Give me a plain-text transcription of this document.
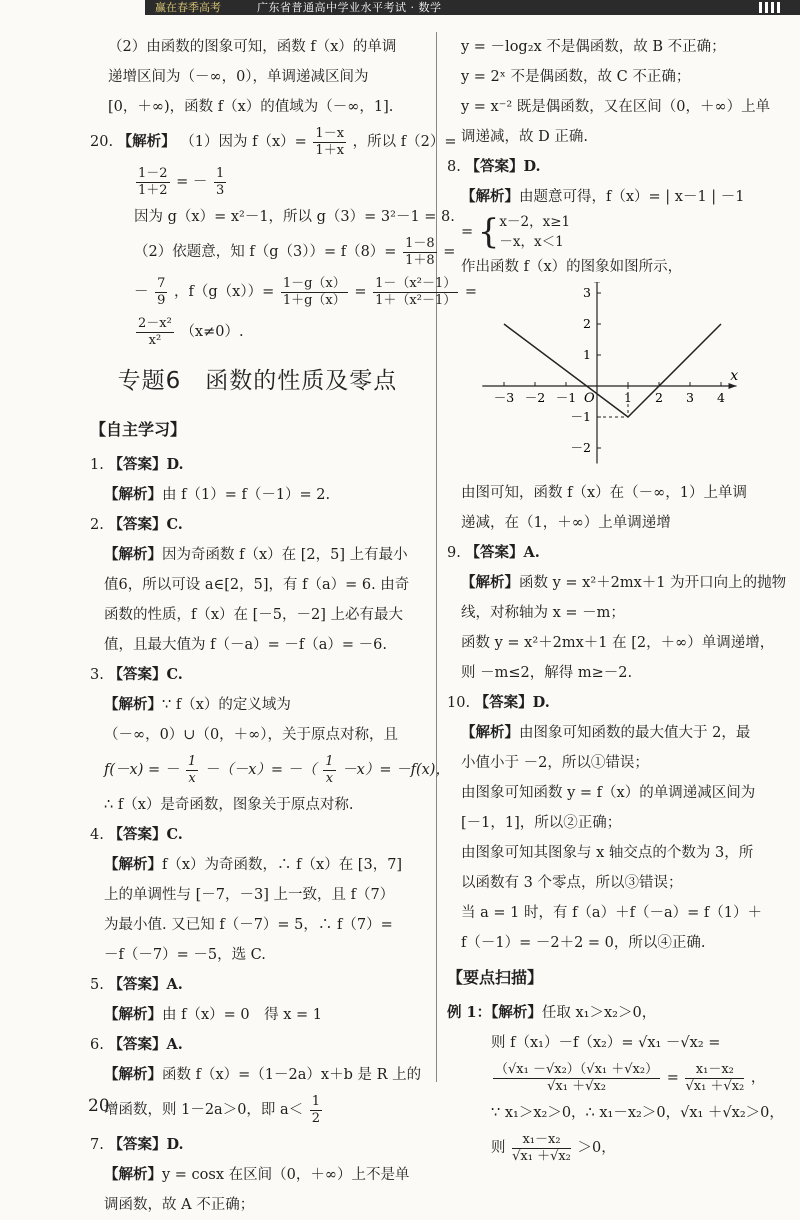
赢在春季高考	广东省普通高中学业水平考试 · 数学
（2）由函数的图象可知，函数 f（x）的单调
递增区间为（－∞，0），单调递减区间为
[0，＋∞)，函数 f（x）的值域为（－∞，1].
20. 【解析】 （1）因为 $f(x)= \frac{1-x}{1+x}$ ，所以 f（2）=
$\frac{1-2}{1+2}$ = － $\frac{1}{3}$
因为 g（x）= x²－1，所以 g（3）= 3²－1 = 8.
（2）依题意，知 $f(g(3))= f(8)= \frac{1-8}{1+8}$ =
－ $\frac{7}{9}$ ，$f(g(x))= \frac{1-g(x)}{1+g(x)} = \frac{\text{1－（x²－1）}}{\text{1＋（x²－1）}}$ =
$\frac{\text{2－x²}}{\text{x²}} (x\ne 0)$.
专题6　函数的性质及零点
【自主学习】
1. 【答案】D.
【解析】由 f（1）= f（－1）= 2.
2. 【答案】C.
【解析】因为奇函数 f（x）在 [2，5] 上有最小
值6，所以可设 a∈[2，5]，有 f（a）= 6. 由奇
函数的性质，f（x）在 [－5，－2] 上必有最大
值，且最大值为 f（－a）= －f（a）= －6.
3. 【答案】C.
【解析】∵ f（x）的定义域为
（－∞，0）∪（0，＋∞），关于原点对称，且
f(－x) = － $\frac{1}{x} -(-x)=$ －（ $\frac{1}{x} -x)= -f(x)$，
∴ f（x）是奇函数，图象关于原点对称.
4. 【答案】C.
【解析】f（x）为奇函数，∴ f（x）在 [3，7]
上的单调性与 [－7，－3] 上一致，且 f（7）
为最小值. 又已知 f（－7）= 5，∴ f（7）=
－f（－7）= －5，选 C.
5. 【答案】A.
【解析】由 f（x）= 0　得 x = 1
6. 【答案】A.
【解析】函数 f（x）=（1－2a）x＋b 是 R 上的
增函数，则 1－2a＞0，即 $a< \frac{1}{2}$
7. 【答案】D.
【解析】y = cosx 在区间（0，＋∞）上不是单
调函数，故 A 不正确；
y = －log₂x 不是偶函数，故 B 不正确；
y = 2ˣ 不是偶函数，故 C 不正确；
y = x⁻² 既是偶函数，又在区间（0，＋∞）上单
调递减，故 D 正确.
8. 【答案】D.
【解析】由题意可得，f（x）= | x－1 | －1
= { x－2，x≥1
－x，x＜1
作出函数 f（x）的图象如图所示，
x
O
－3 －2 －1	1 2 3 4
3
2
1
－1
－2
由图可知，函数 f（x）在（－∞，1）上单调
递减，在（1，＋∞）上单调递增
9. 【答案】A.
【解析】函数 y = x²＋2mx＋1 为开口向上的抛物
线，对称轴为 x = －m；
函数 y = x²＋2mx＋1 在 [2，＋∞）单调递增，
则 －m≤2，解得 m≥－2.
10. 【答案】D.
【解析】由图象可知函数的最大值大于 2，最
小值小于 －2，所以①错误；
由图象可知函数 y = f（x）的单调递减区间为
[－1，1]，所以②正确；
由图象可知其图象与 x 轴交点的个数为 3，所
以函数有 3 个零点，所以③错误；
当 a = 1 时，有 f（a）＋f（－a）= f（1）＋
f（－1）= －2＋2 = 0，所以④正确.
【要点扫描】
例 1：【解析】任取 x₁＞x₂＞0，
则 f（x₁）－f（x₂）= √x₁ －√x₂ =
$\frac{\text{（√x₁ －√x₂）（√x₁ ＋√x₂）}}{\text{√x₁ ＋√x₂}} = \frac{\text{x₁－x₂}}{\text{√x₁ ＋√x₂}}$ ，
∵ x₁＞x₂＞0，∴ x₁－x₂＞0，√x₁ ＋√x₂＞0，
则 $\frac{\text{x₁－x₂}}{\text{√x₁ ＋√x₂}} >0$，
20
